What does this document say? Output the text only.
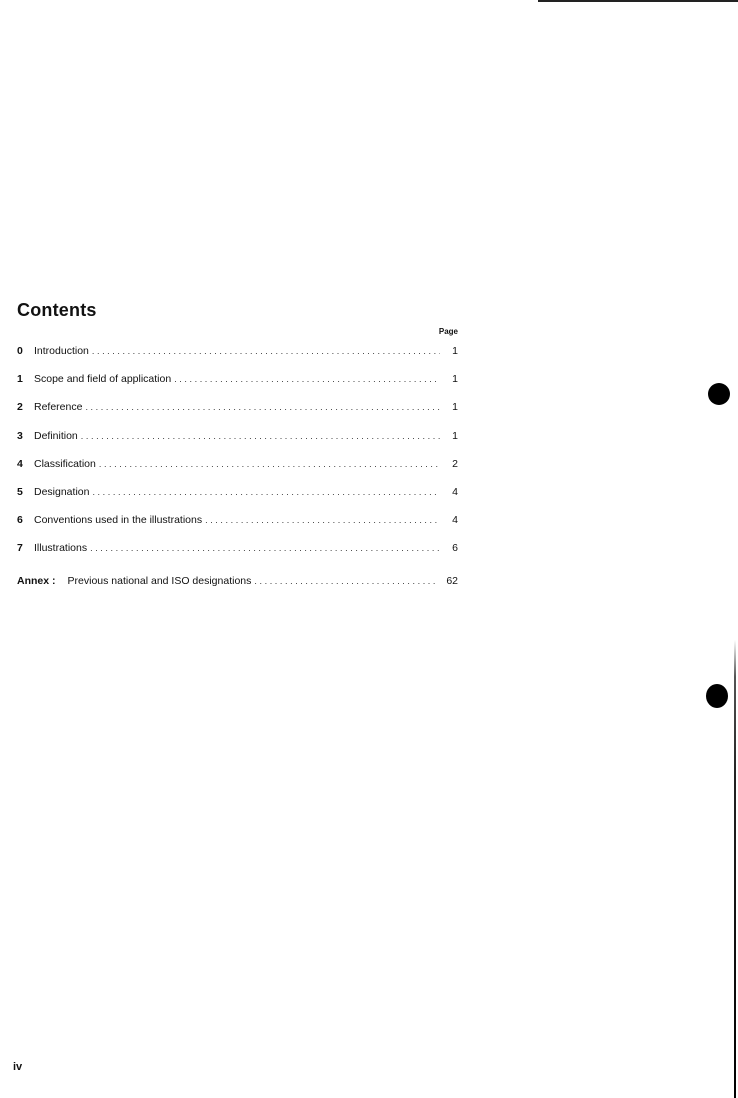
Contents
Page
0	Introduction .....	1
1	Scope and field of application .....	1
2	Reference .....	1
3	Definition .....	1
4	Classification .....	2
5	Designation .....	4
6	Conventions used in the illustrations .....	4
7	Illustrations .....	6
Annex : Previous national and ISO designations .....	62
iv
